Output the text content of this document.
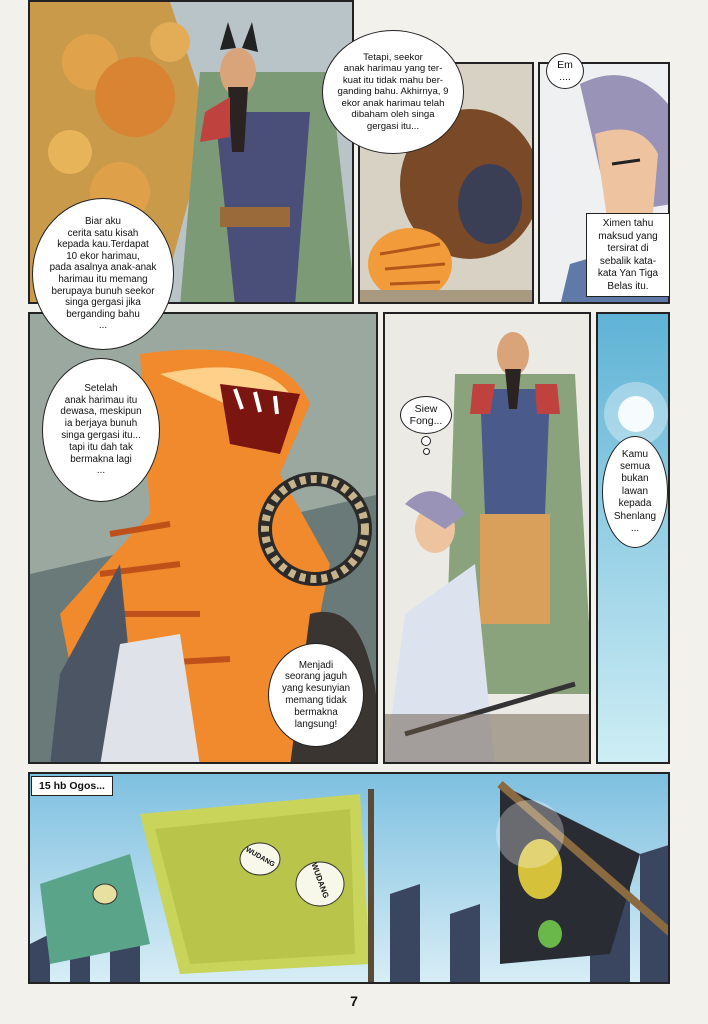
WUDANG
WUDANG
Biar aku
cerita satu kisah
kepada kau.Terdapat
10 ekor harimau,
pada asalnya anak-anak
harimau itu memang
berupaya bunuh seekor
singa gergasi jika
berganding bahu
...
Tetapi, seekor
anak harimau yang ter-
kuat itu tidak mahu ber-
ganding bahu. Akhirnya, 9
ekor anak harimau telah
dibaham oleh singa
gergasi itu...
Em
....
Ximen tahu
maksud yang
tersirat di
sebalik kata-
kata Yan Tiga
Belas itu.
Setelah
anak harimau itu
dewasa, meskipun
ia berjaya bunuh
singa gergasi itu...
tapi itu dah tak
bermakna lagi
...
Menjadi
seorang jaguh
yang kesunyian
memang tidak
bermakna
langsung!
Siew
Fong...
Kamu
semua
bukan
lawan
kepada
Shenlang
...
15 hb Ogos...
7
